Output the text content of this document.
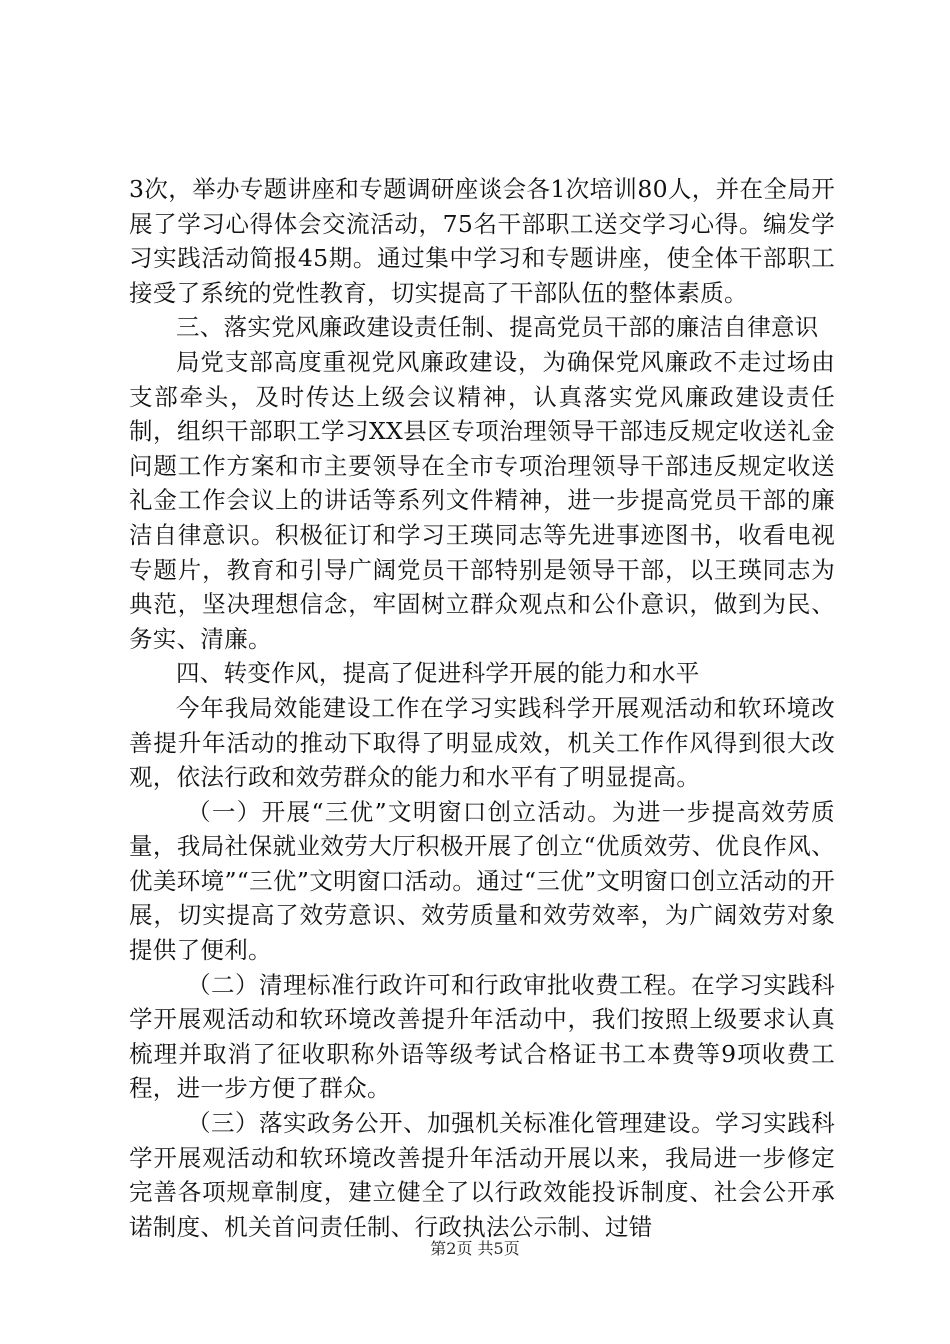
3次，举办专题讲座和专题调研座谈会各1次培训80人，并在全局开展了学习心得体会交流活动，75名干部职工送交学习心得。编发学习实践活动简报45期。通过集中学习和专题讲座，使全体干部职工接受了系统的党性教育，切实提高了干部队伍的整体素质。

三、落实党风廉政建设责任制、提高党员干部的廉洁自律意识

局党支部高度重视党风廉政建设，为确保党风廉政不走过场由支部牵头，及时传达上级会议精神，认真落实党风廉政建设责任制，组织干部职工学习XX县区专项治理领导干部违反规定收送礼金问题工作方案和市主要领导在全市专项治理领导干部违反规定收送礼金工作会议上的讲话等系列文件精神，进一步提高党员干部的廉洁自律意识。积极征订和学习王瑛同志等先进事迹图书，收看电视专题片，教育和引导广阔党员干部特别是领导干部，以王瑛同志为典范，坚决理想信念，牢固树立群众观点和公仆意识，做到为民、务实、清廉。

四、转变作风，提高了促进科学开展的能力和水平

今年我局效能建设工作在学习实践科学开展观活动和软环境改善提升年活动的推动下取得了明显成效，机关工作作风得到很大改观，依法行政和效劳群众的能力和水平有了明显提高。

（一）开展“三优”文明窗口创立活动。为进一步提高效劳质量，我局社保就业效劳大厅积极开展了创立“优质效劳、优良作风、优美环境”“三优”文明窗口活动。通过“三优”文明窗口创立活动的开展，切实提高了效劳意识、效劳质量和效劳效率，为广阔效劳对象提供了便利。

（二）清理标准行政许可和行政审批收费工程。在学习实践科学开展观活动和软环境改善提升年活动中，我们按照上级要求认真梳理并取消了征收职称外语等级考试合格证书工本费等9项收费工程，进一步方便了群众。

（三）落实政务公开、加强机关标准化管理建设。学习实践科学开展观活动和软环境改善提升年活动开展以来，我局进一步修定完善各项规章制度，建立健全了以行政效能投诉制度、社会公开承诺制度、机关首问责任制、行政执法公示制、过错

第2页 共5页
